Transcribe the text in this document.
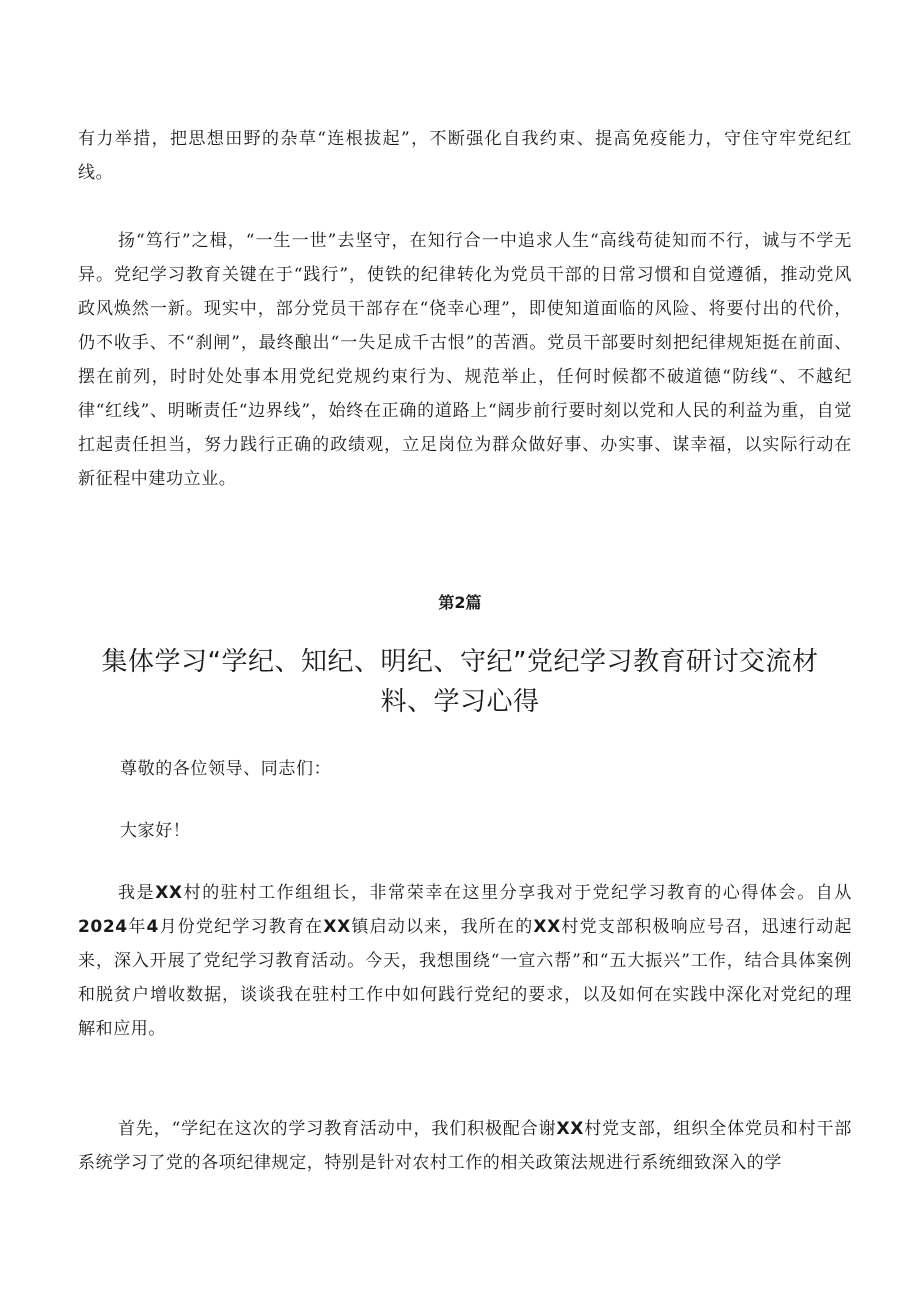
有力举措，把思想田野的杂草“连根拔起”，不断强化自我约束、提高免疫能力，守住守牢党纪红线。

扬“笃行”之楫，“一生一世”去坚守，在知行合一中追求人生“高线苟徒知而不行，诚与不学无异。党纪学习教育关键在于“践行”，使铁的纪律转化为党员干部的日常习惯和自觉遵循，推动党风政风焕然一新。现实中，部分党员干部存在“侥幸心理”，即使知道面临的风险、将要付出的代价，仍不收手、不“刹闸”，最终酿出“一失足成千古恨”的苦酒。党员干部要时刻把纪律规矩挺在前面、摆在前列，时时处处事本用党纪党规约束行为、规范举止，任何时候都不破道德“防线“、不越纪律“红线”、明晰责任“边界线”，始终在正确的道路上“阔步前行要时刻以党和人民的利益为重，自觉扛起责任担当，努力践行正确的政绩观，立足岗位为群众做好事、办实事、谋幸福，以实际行动在新征程中建功立业。

第2篇

集体学习“学纪、知纪、明纪、守纪”党纪学习教育研讨交流材料、学习心得

尊敬的各位领导、同志们：

大家好！

我是XX村的驻村工作组组长，非常荣幸在这里分享我对于党纪学习教育的心得体会。自从2024年4月份党纪学习教育在XX镇启动以来，我所在的XX村党支部积极响应号召，迅速行动起来，深入开展了党纪学习教育活动。今天，我想围绕“一宣六帮”和“五大振兴”工作，结合具体案例和脱贫户增收数据，谈谈我在驻村工作中如何践行党纪的要求，以及如何在实践中深化对党纪的理解和应用。

首先，“学纪在这次的学习教育活动中，我们积极配合谢XX村党支部，组织全体党员和村干部系统学习了党的各项纪律规定，特别是针对农村工作的相关政策法规进行系统细致深入的学
